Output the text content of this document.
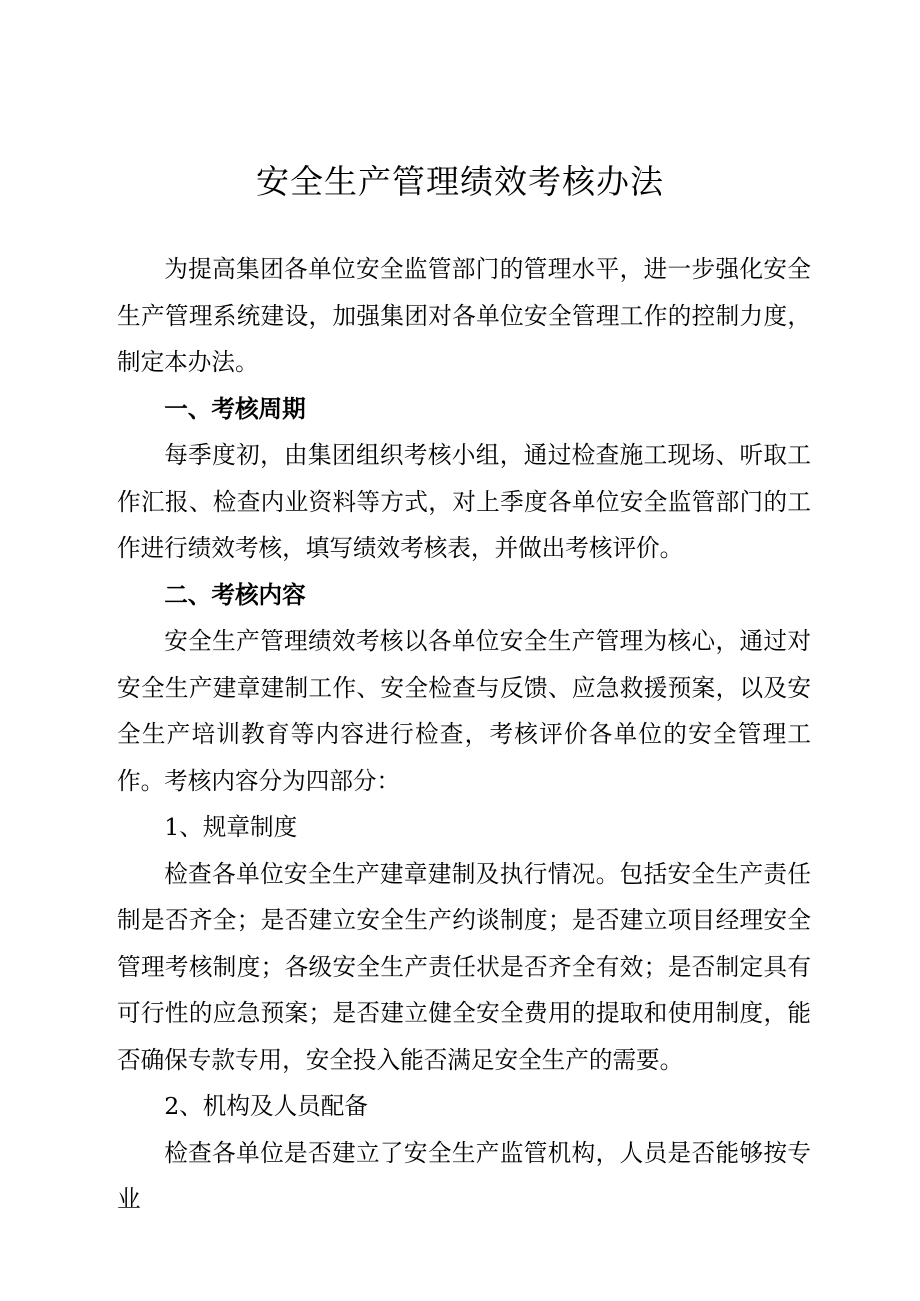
安全生产管理绩效考核办法

为提高集团各单位安全监管部门的管理水平，进一步强化安全生产管理系统建设，加强集团对各单位安全管理工作的控制力度，制定本办法。

一、考核周期

每季度初，由集团组织考核小组，通过检查施工现场、听取工作汇报、检查内业资料等方式，对上季度各单位安全监管部门的工作进行绩效考核，填写绩效考核表，并做出考核评价。

二、考核内容

安全生产管理绩效考核以各单位安全生产管理为核心，通过对安全生产建章建制工作、安全检查与反馈、应急救援预案，以及安全生产培训教育等内容进行检查，考核评价各单位的安全管理工作。考核内容分为四部分：

1、规章制度

检查各单位安全生产建章建制及执行情况。包括安全生产责任制是否齐全；是否建立安全生产约谈制度；是否建立项目经理安全管理考核制度；各级安全生产责任状是否齐全有效；是否制定具有可行性的应急预案；是否建立健全安全费用的提取和使用制度，能否确保专款专用，安全投入能否满足安全生产的需要。

2、机构及人员配备

检查各单位是否建立了安全生产监管机构，人员是否能够按专业
